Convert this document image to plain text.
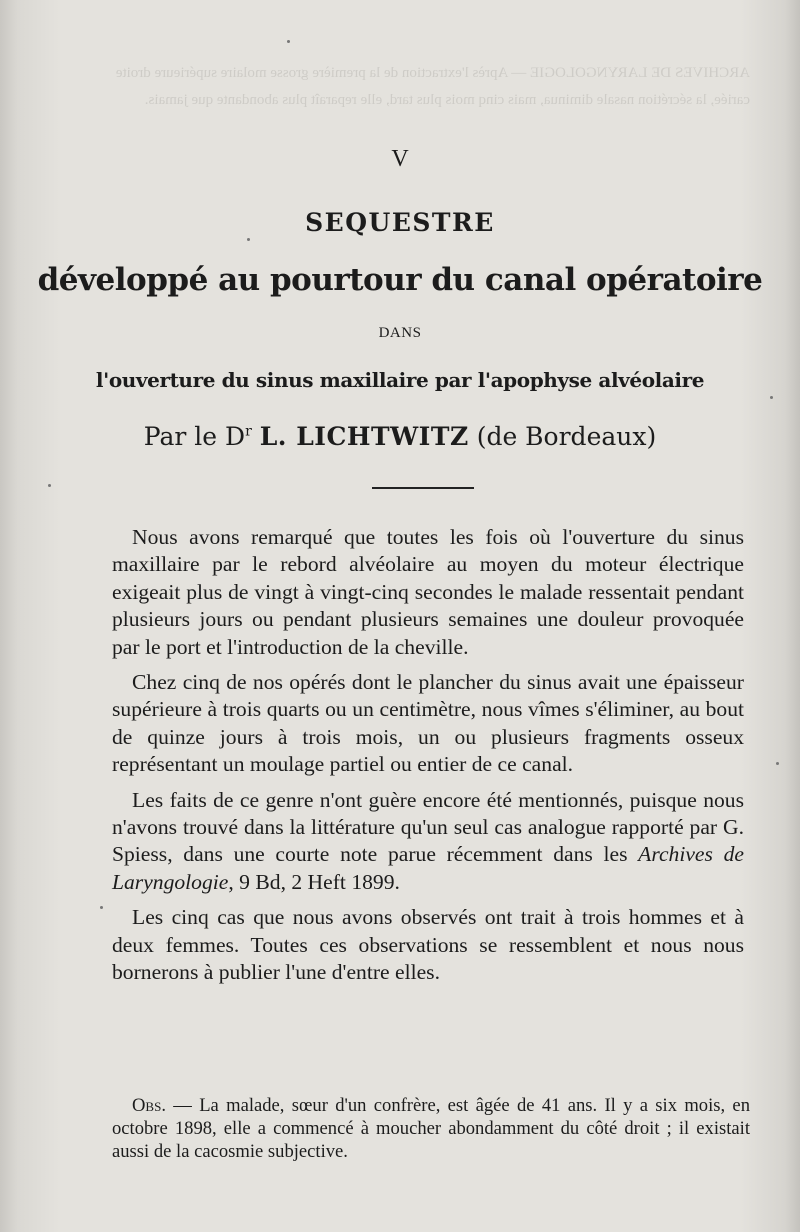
ARCHIVES DE LARYNGOLOGIE — Après l'extraction de la première grosse molaire supérieure droite cariée, la sécrétion nasale diminua, mais cinq mois plus tard, elle reparaît plus abondante que jamais.
V
SEQUESTRE
développé au pourtour du canal opératoire
DANS
l'ouverture du sinus maxillaire par l'apophyse alvéolaire
Par le $D^r$ L. LICHTWITZ (de Bordeaux)

Nous avons remarqué que toutes les fois où l'ouverture du sinus maxillaire par le rebord alvéolaire au moyen du moteur électrique exigeait plus de vingt à vingt-cinq secondes le malade ressentait pendant plusieurs jours ou pendant plusieurs semaines une douleur provoquée par le port et l'introduction de la cheville.

Chez cinq de nos opérés dont le plancher du sinus avait une épaisseur supérieure à trois quarts ou un centimètre, nous vîmes s'éliminer, au bout de quinze jours à trois mois, un ou plusieurs fragments osseux représentant un moulage partiel ou entier de ce canal.

Les faits de ce genre n'ont guère encore été mentionnés, puisque nous n'avons trouvé dans la littérature qu'un seul cas analogue rapporté par G. Spiess, dans une courte note parue récemment dans les Archives de Laryngologie, 9 Bd, 2 Heft 1899.

Les cinq cas que nous avons observés ont trait à trois hommes et à deux femmes. Toutes ces observations se ressemblent et nous nous bornerons à publier l'une d'entre elles.

Obs. — La malade, sœur d'un confrère, est âgée de 41 ans. Il y a six mois, en octobre 1898, elle a commencé à moucher abondamment du côté droit ; il existait aussi de la cacosmie subjective.
